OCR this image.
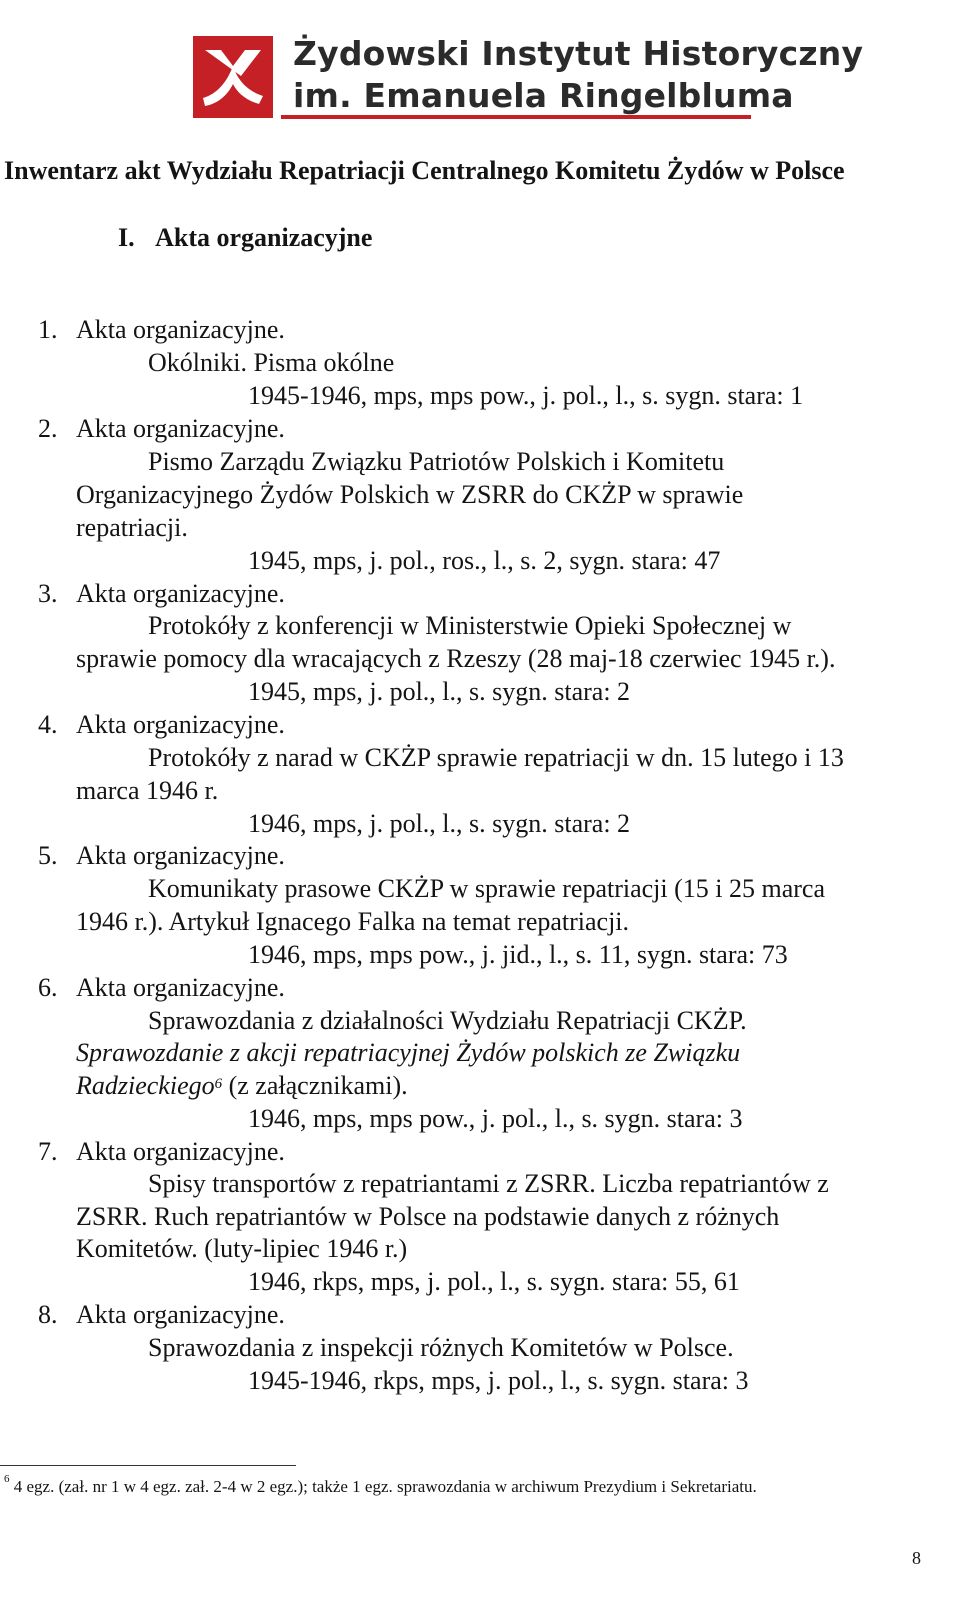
Żydowski Instytut Historyczny
im. Emanuela Ringelbluma
Inwentarz akt Wydziału Repatriacji Centralnego Komitetu Żydów w Polsce
I. Akta organizacyjne
1. Akta organizacyjne.
Okólniki. Pisma okólne
1945-1946, mps, mps pow., j. pol., l., s. sygn. stara: 1
2. Akta organizacyjne.
Pismo Zarządu Związku Patriotów Polskich i Komitetu
Organizacyjnego Żydów Polskich w ZSRR do CKŻP w sprawie
repatriacji.
1945, mps, j. pol., ros., l., s. 2, sygn. stara: 47
3. Akta organizacyjne.
Protokóły z konferencji w Ministerstwie Opieki Społecznej w
sprawie pomocy dla wracających z Rzeszy (28 maj-18 czerwiec 1945 r.).
1945, mps, j. pol., l., s. sygn. stara: 2
4. Akta organizacyjne.
Protokóły z narad w CKŻP sprawie repatriacji w dn. 15 lutego i 13
marca 1946 r.
1946, mps, j. pol., l., s. sygn. stara: 2
5. Akta organizacyjne.
Komunikaty prasowe CKŻP w sprawie repatriacji (15 i 25 marca
1946 r.). Artykuł Ignacego Falka na temat repatriacji.
1946, mps, mps pow., j. jid., l., s. 11, sygn. stara: 73
6. Akta organizacyjne.
Sprawozdania z działalności Wydziału Repatriacji CKŻP.
Sprawozdanie z akcji repatriacyjnej Żydów polskich ze Związku
Radzieckiego$^6$ (z załącznikami).
1946, mps, mps pow., j. pol., l., s. sygn. stara: 3
7. Akta organizacyjne.
Spisy transportów z repatriantami z ZSRR. Liczba repatriantów z
ZSRR. Ruch repatriantów w Polsce na podstawie danych z różnych
Komitetów. (luty-lipiec 1946 r.)
1946, rkps, mps, j. pol., l., s. sygn. stara: 55, 61
8. Akta organizacyjne.
Sprawozdania z inspekcji różnych Komitetów w Polsce.
1945-1946, rkps, mps, j. pol., l., s. sygn. stara: 3
$^6$ 4 egz. (zał. nr 1 w 4 egz. zał. 2-4 w 2 egz.); także 1 egz. sprawozdania w archiwum Prezydium i Sekretariatu.
8
